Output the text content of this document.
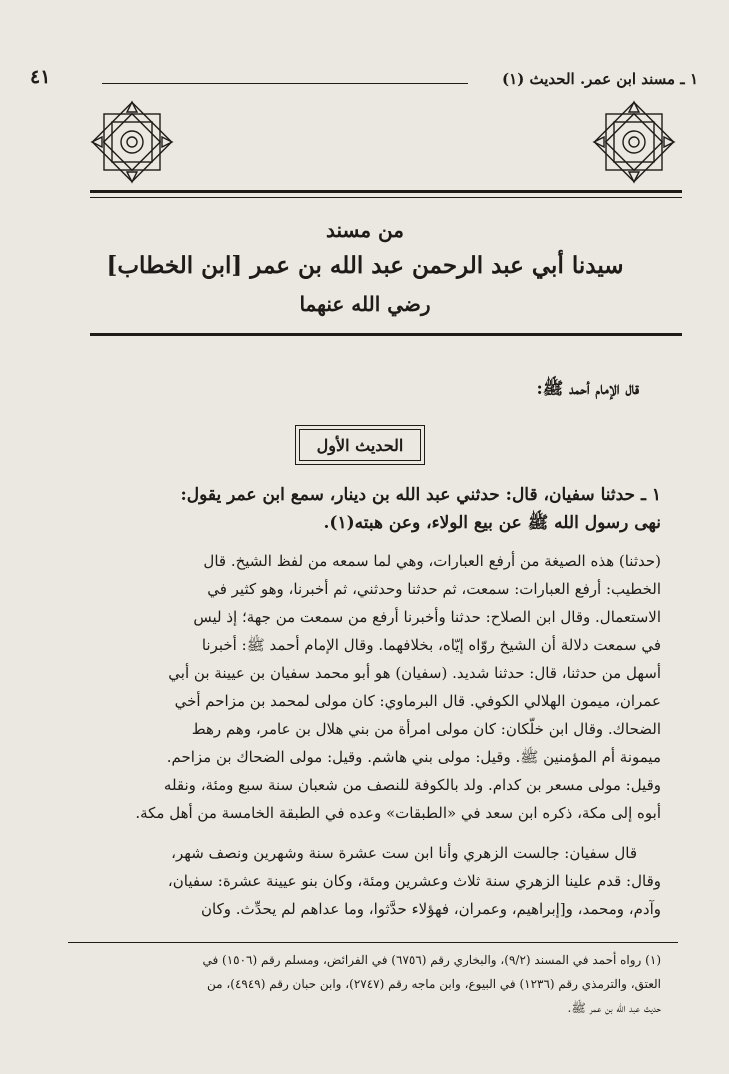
١ ـ مسند ابن عمر. الحديث (١)
٤١
من مسند
سيدنا أبي عبد الرحمن عبد الله بن عمر [ابن الخطاب]
رضي الله عنهما
قال الإمام أحمد ﷺ:
الحديث الأول
١ ـ حدثنا سفيان، قال: حدثني عبد الله بن دينار، سمع ابن عمر يقول:
نهى رسول الله ﷺ عن بيع الولاء، وعن هبته(١).
(حدثنا) هذه الصيغة من أرفع العبارات، وهي لما سمعه من لفظ الشيخ. قال
الخطيب: أرفع العبارات: سمعت، ثم حدثنا وحدثني، ثم أخبرنا، وهو كثير في
الاستعمال. وقال ابن الصلاح: حدثنا وأخبرنا أرفع من سمعت من جهة؛ إذ ليس
في سمعت دلالة أن الشيخ روّاه إيّاه، بخلافهما. وقال الإمام أحمد ﷺ: أخبرنا
أسهل من حدثنا، قال: حدثنا شديد. (سفيان) هو أبو محمد سفيان بن عيينة بن أبي
عمران، ميمون الهلالي الكوفي. قال البرماوي: كان مولى لمحمد بن مزاحم أخي
الضحاك. وقال ابن خلّكان: كان مولى امرأة من بني هلال بن عامر، وهم رهط
ميمونة أم المؤمنين ﷺ. وقيل: مولى بني هاشم. وقيل: مولى الضحاك بن مزاحم.
وقيل: مولى مسعر بن كدام. ولد بالكوفة للنصف من شعبان سنة سبع ومئة، ونقله
أبوه إلى مكة، ذكره ابن سعد في «الطبقات» وعده في الطبقة الخامسة من أهل مكة.
قال سفيان: جالست الزهري وأنا ابن ست عشرة سنة وشهرين ونصف شهر،
وقال: قدم علينا الزهري سنة ثلاث وعشرين ومئة، وكان بنو عيينة عشرة: سفيان،
وآدم، ومحمد، و[إبراهيم، وعمران، فهؤلاء حدَّثوا، وما عداهم لم يحدِّث. وكان
(١) رواه أحمد في المسند (٩/٢)، والبخاري رقم (٦٧٥٦) في الفرائض، ومسلم رقم (١٥٠٦) في
العتق، والترمذي رقم (١٢٣٦) في البيوع، وابن ماجه رقم (٢٧٤٧)، وابن حبان رقم (٤٩٤٩)، من
حديث عبد الله بن عمر ﷺ.
